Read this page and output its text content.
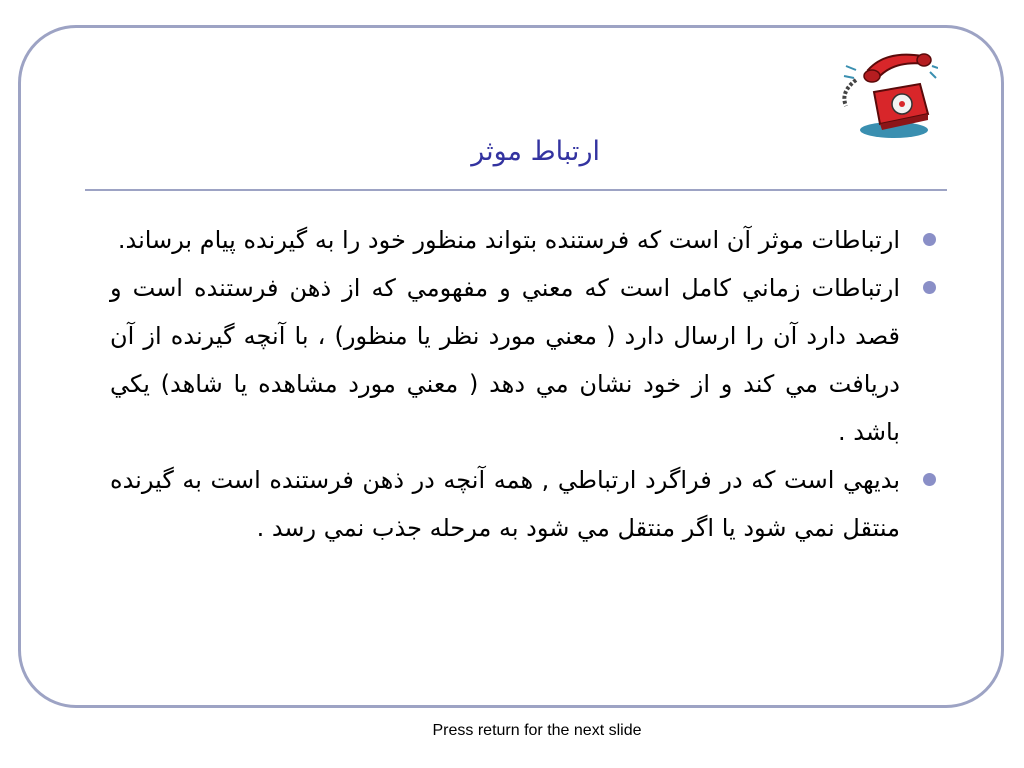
ارتباط موثر
ارتباطات موثر آن است که فرستنده بتواند منظور خود را به گیرنده پیام برساند.
ارتباطات زماني کامل است که معني و مفهومي که از ذهن فرستنده است و قصد دارد آن را ارسال دارد ( معني مورد نظر يا منظور) ، با آنچه گيرنده از آن دريافت مي کند و از خود نشان مي دهد ( معني مورد مشاهده يا شاهد) يکي باشد .
بديهي است که در فراگرد ارتباطي , همه آنچه در ذهن فرستنده است به گيرنده منتقل نمي شود يا اگر منتقل مي شود به مرحله جذب نمي رسد .
Press return for the next slide
